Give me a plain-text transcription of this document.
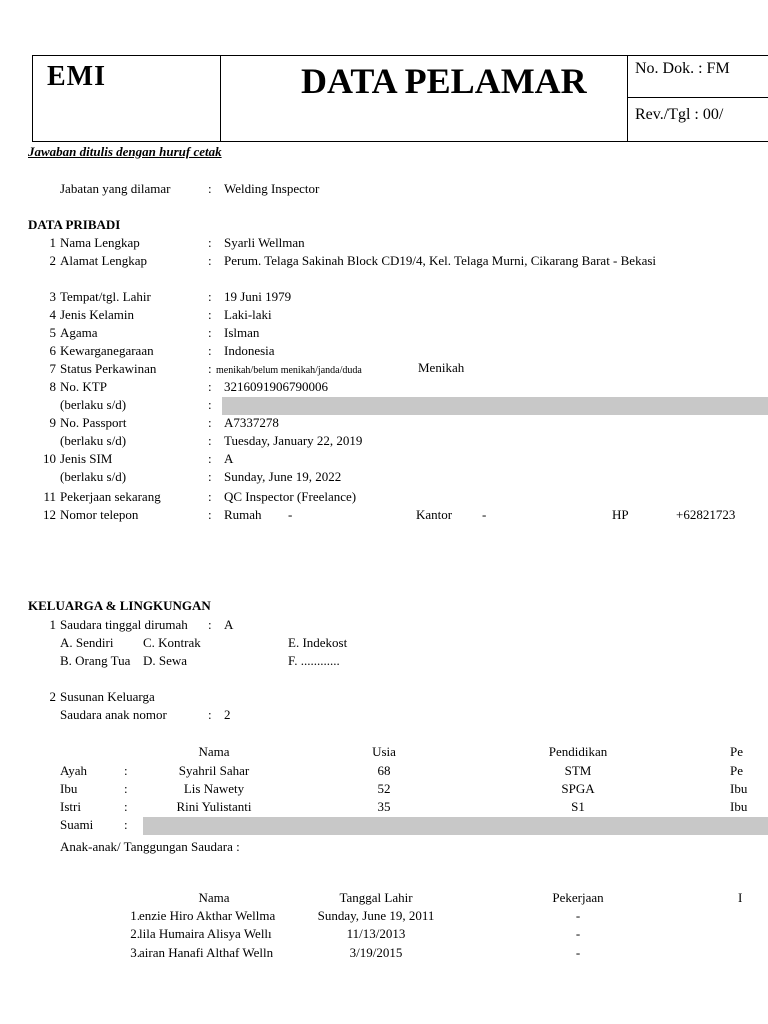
EMI	DATA PELAMAR	No. Dok. : FM
Rev./Tgl : 00/
Jawaban ditulis dengan huruf cetak
Jabatan yang dilamar	: Welding Inspector
DATA PRIBADI
1 Nama Lengkap	: Syarli Wellman
2 Alamat Lengkap	: Perum. Telaga Sakinah Block CD19/4, Kel. Telaga Murni, Cikarang Barat - Bekasi
3 Tempat/tgl. Lahir	: 19 Juni 1979
4 Jenis Kelamin	: Laki-laki
5 Agama	: Islman
6 Kewarganegaraan	: Indonesia
7 Status Perkawinan	: menikah/belum menikah/janda/duda	Menikah
8 No. KTP	: 3216091906790006
(berlaku s/d)	:
9 No. Passport	: A7337278
(berlaku s/d)	: Tuesday, January 22, 2019
10 Jenis SIM	: A
(berlaku s/d)	: Sunday, June 19, 2022
11 Pekerjaan sekarang	: QC Inspector (Freelance)
12 Nomor telepon	: Rumah -	Kantor -	HP	+62821723
KELUARGA & LINGKUNGAN
1 Saudara tinggal dirumah : A
A. Sendiri C. Kontrak	E. Indekost
B. Orang Tua D. Sewa	F. ............
2 Susunan Keluarga
Saudara anak nomor	: 2
Nama	Usia	Pendidikan
Ayah	:	Syahril Sahar	68	STM	Pe
Ibu	:	Lis Nawety	52	SPGA	Ibu
Istri	:	Rini Yulistanti	35	S1	Ibu
Suami :
Anak-anak/ Tanggungan Saudara :
Nama	Tanggal Lahir	Pekerjaan	I
1. enzie Hiro Akthar Wellma	Sunday, June 19, 2011	-
2. lila Humaira Alisya Wellı	11/13/2013	-
3. airan Hanafi Althaf Welln	3/19/2015	-
Pe
